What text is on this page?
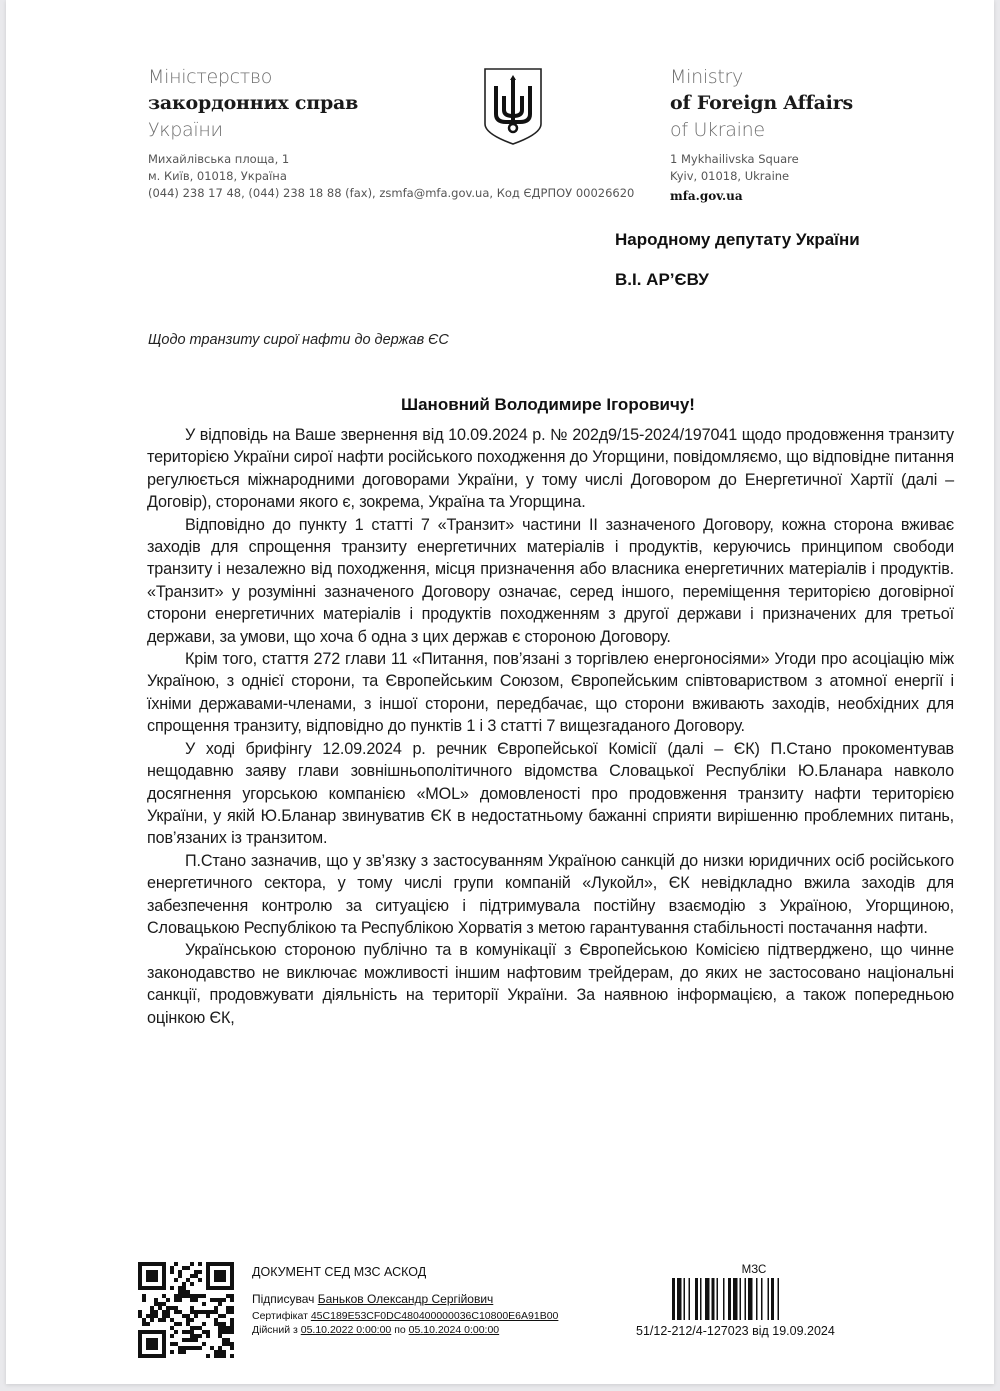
Міністерство
закордонних справ
України
Михайлівська площа, 1
м. Київ, 01018, Україна
(044) 238 17 48, (044) 238 18 88 (fax), zsmfa@mfa.gov.ua, Код ЄДРПОУ 00026620
Ministry
of Foreign Affairs
of Ukraine
1 Mykhailivska Square
Kyiv, 01018, Ukraine
mfa.gov.ua
Народному депутату України
В.І. АР’ЄВУ
Щодо транзиту сирої нафти до держав ЄС
Шановний Володимире Ігоровичу!

У відповідь на Ваше звернення від 10.09.2024 р. № 202д9/15-2024/197041 щодо продовження транзиту територією України сирої нафти російського походження до Угорщини, повідомляємо, що відповідне питання регулюється міжнародними договорами України, у тому числі Договором до Енергетичної Хартії (далі – Договір), сторонами якого є, зокрема, Україна та Угорщина.

Відповідно до пункту 1 статті 7 «Транзит» частини ІІ зазначеного Договору, кожна сторона вживає заходів для спрощення транзиту енергетичних матеріалів і продуктів, керуючись принципом свободи транзиту і незалежно від походження, місця призначення або власника енергетичних матеріалів і продуктів. «Транзит» у розумінні зазначеного Договору означає, серед іншого, переміщення територією договірної сторони енергетичних матеріалів і продуктів походженням з другої держави і призначених для третьої держави, за умови, що хоча б одна з цих держав є стороною Договору.

Крім того, стаття 272 глави 11 «Питання, пов’язані з торгівлею енергоносіями» Угоди про асоціацію між Україною, з однієї сторони, та Європейським Союзом, Європейським співтовариством з атомної енергії і їхніми державами-членами, з іншої сторони, передбачає, що сторони вживають заходів, необхідних для спрощення транзиту, відповідно до пунктів 1 і 3 статті 7 вищезгаданого Договору.

У ході брифінгу 12.09.2024 р. речник Європейської Комісії (далі – ЄК) П.Стано прокоментував нещодавню заяву глави зовнішньополітичного відомства Словацької Республіки Ю.Бланара навколо досягнення угорською компанією «MOL» домовленості про продовження транзиту нафти територією України, у якій Ю.Бланар звинуватив ЄК в недостатньому бажанні сприяти вирішенню проблемних питань, пов’язаних із транзитом.

П.Стано зазначив, що у зв’язку з застосуванням Україною санкцій до низки юридичних осіб російського енергетичного сектора, у тому числі групи компаній «Лукойл», ЄК невідкладно вжила заходів для забезпечення контролю за ситуацією і підтримувала постійну взаємодію з Україною, Угорщиною, Словацькою Республікою та Республікою Хорватія з метою гарантування стабільності постачання нафти.

Українською стороною публічно та в комунікації з Європейською Комісією підтверджено, що чинне законодавство не виключає можливості іншим нафтовим трейдерам, до яких не застосовано національні санкції, продовжувати діяльність на території України. За наявною інформацією, а також попередньою оцінкою ЄК,

ДОКУМЕНТ СЕД МЗС АСКОД
Підписувач Баньков Олександр Сергійович
Сертифікат 45C189E53CF0DC480400000036C10800E6A91B00
Дійсний з 05.10.2022 0:00:00 по 05.10.2024 0:00:00
МЗС
51/12-212/4-127023 від 19.09.2024
